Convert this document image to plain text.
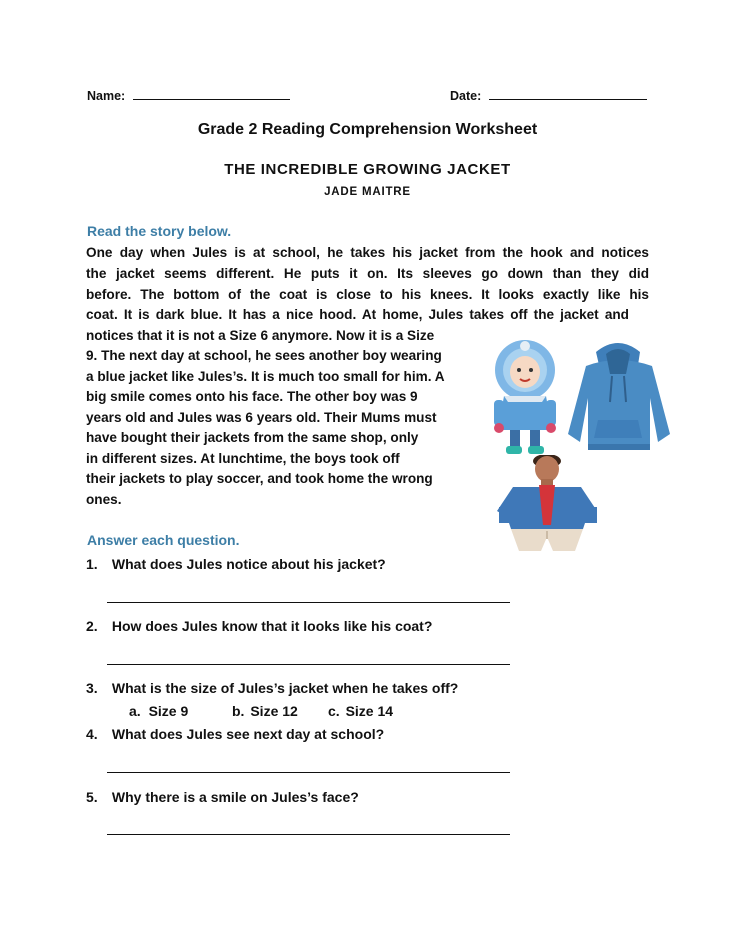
Name:	Date:
Grade 2 Reading Comprehension Worksheet
THE INCREDIBLE GROWING JACKET
JADE MAITRE
Read the story below.
One day when Jules is at school, he takes his jacket from the hook and notices
the jacket seems different. He puts it on. Its sleeves go down than they did
before. The bottom of the coat is close to his knees. It looks exactly like his
coat. It is dark blue. It has a nice hood. At home, Jules takes off the jacket and
notices that it is not a Size 6 anymore. Now it is a Size
9. The next day at school, he sees another boy wearing
a blue jacket like Jules’s. It is much too small for him. A
big smile comes onto his face. The other boy was 9
years old and Jules was 6 years old. Their Mums must
have bought their jackets from the same shop, only
in different sizes. At lunchtime, the boys took off
their jackets to play soccer, and took home the wrong
ones.
Answer each question.
1. What does Jules notice about his jacket?
2. How does Jules know that it looks like his coat?
3. What is the size of Jules’s jacket when he takes off?
a. Size 9	b. Size 12 c. Size 14
4. What does Jules see next day at school?
5. Why there is a smile on Jules’s face?
